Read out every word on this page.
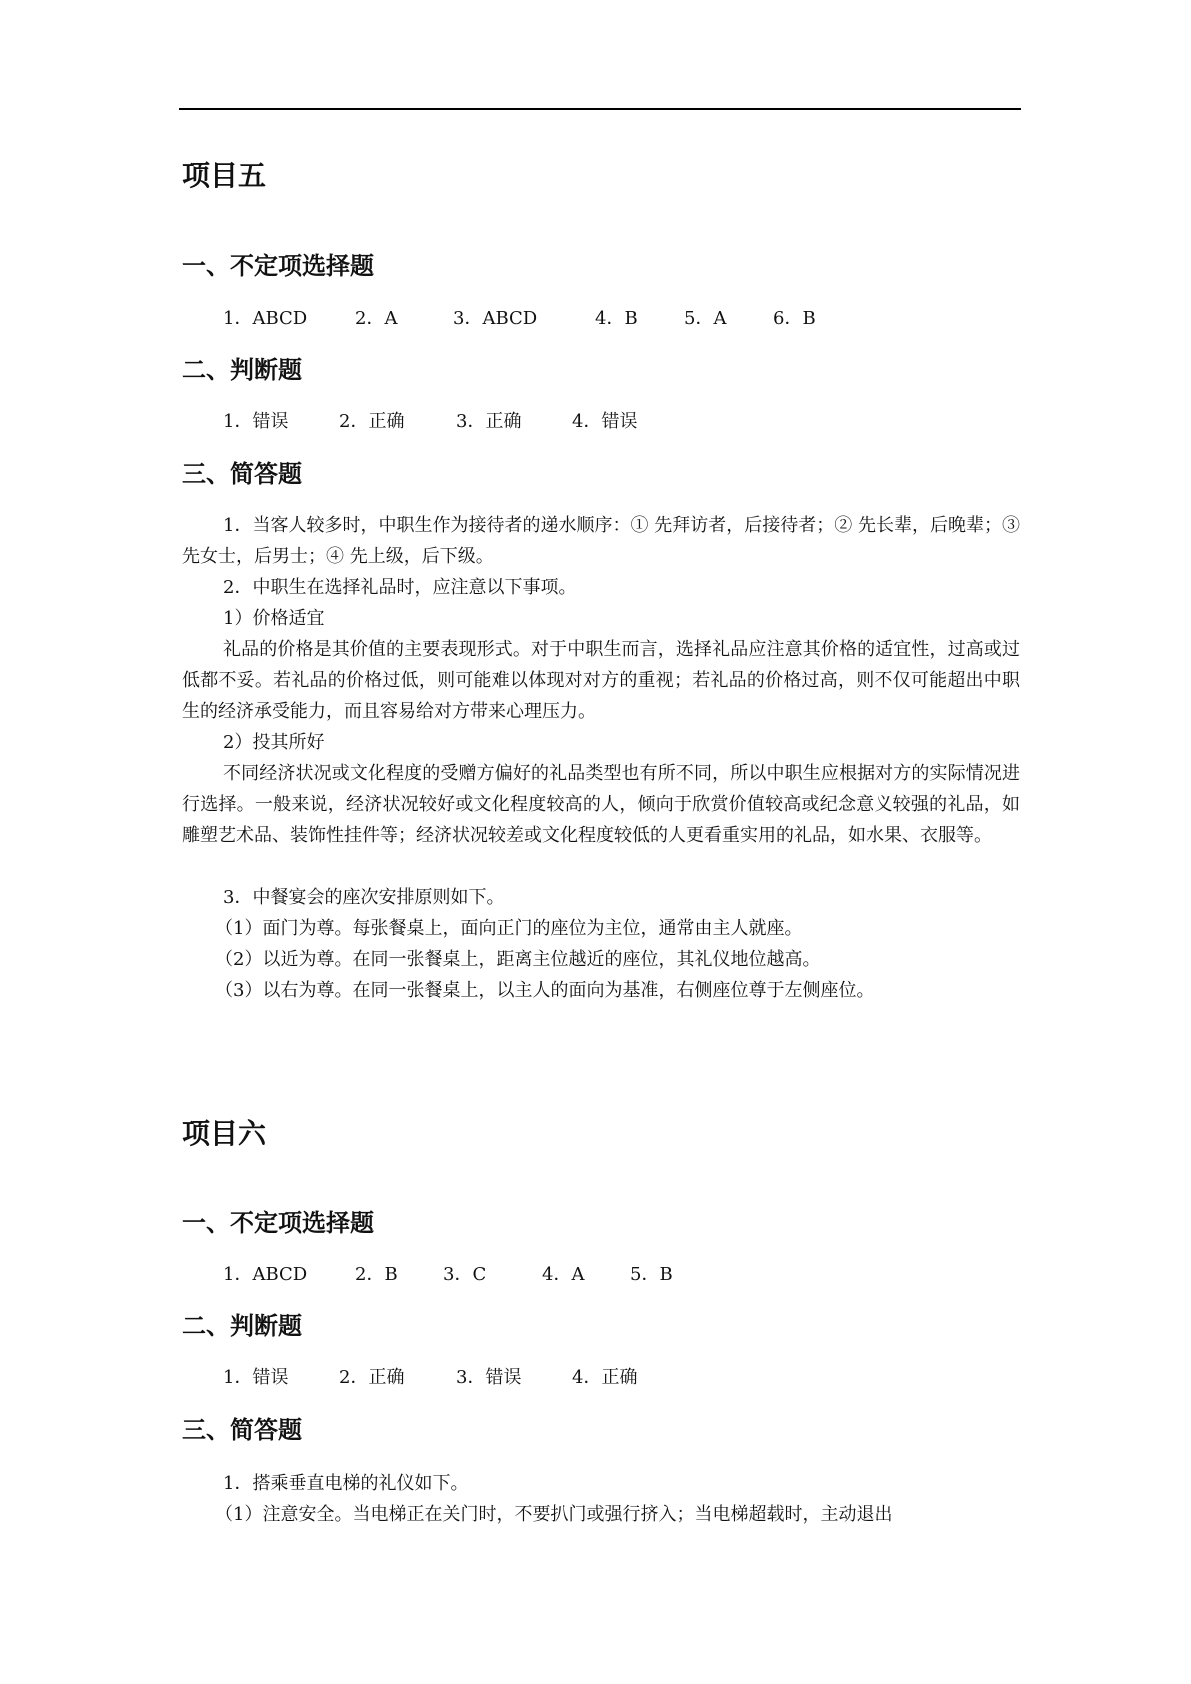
项目五
一、不定项选择题
1．ABCD	2．A	3．ABCD	4．B	5．A	6．B
二、判断题
1．错误	2．正确	3．正确	4．错误
三、简答题

1．当客人较多时，中职生作为接待者的递水顺序：① 先拜访者，后接待者；② 先长辈，后晚辈；③ 先女士，后男士；④ 先上级，后下级。

2．中职生在选择礼品时，应注意以下事项。

1）价格适宜

礼品的价格是其价值的主要表现形式。对于中职生而言，选择礼品应注意其价格的适宜性，过高或过低都不妥。若礼品的价格过低，则可能难以体现对对方的重视；若礼品的价格过高，则不仅可能超出中职生的经济承受能力，而且容易给对方带来心理压力。

2）投其所好

不同经济状况或文化程度的受赠方偏好的礼品类型也有所不同，所以中职生应根据对方的实际情况进行选择。一般来说，经济状况较好或文化程度较高的人，倾向于欣赏价值较高或纪念意义较强的礼品，如雕塑艺术品、装饰性挂件等；经济状况较差或文化程度较低的人更看重实用的礼品，如水果、衣服等。

3．中餐宴会的座次安排原则如下。

（1）面门为尊。每张餐桌上，面向正门的座位为主位，通常由主人就座。

（2）以近为尊。在同一张餐桌上，距离主位越近的座位，其礼仪地位越高。

（3）以右为尊。在同一张餐桌上，以主人的面向为基准，右侧座位尊于左侧座位。

项目六
一、不定项选择题
1．ABCD	2．B	3．C	4．A	5．B
二、判断题
1．错误	2．正确	3．错误	4．正确
三、简答题

1．搭乘垂直电梯的礼仪如下。

（1）注意安全。当电梯正在关门时，不要扒门或强行挤入；当电梯超载时，主动退出
